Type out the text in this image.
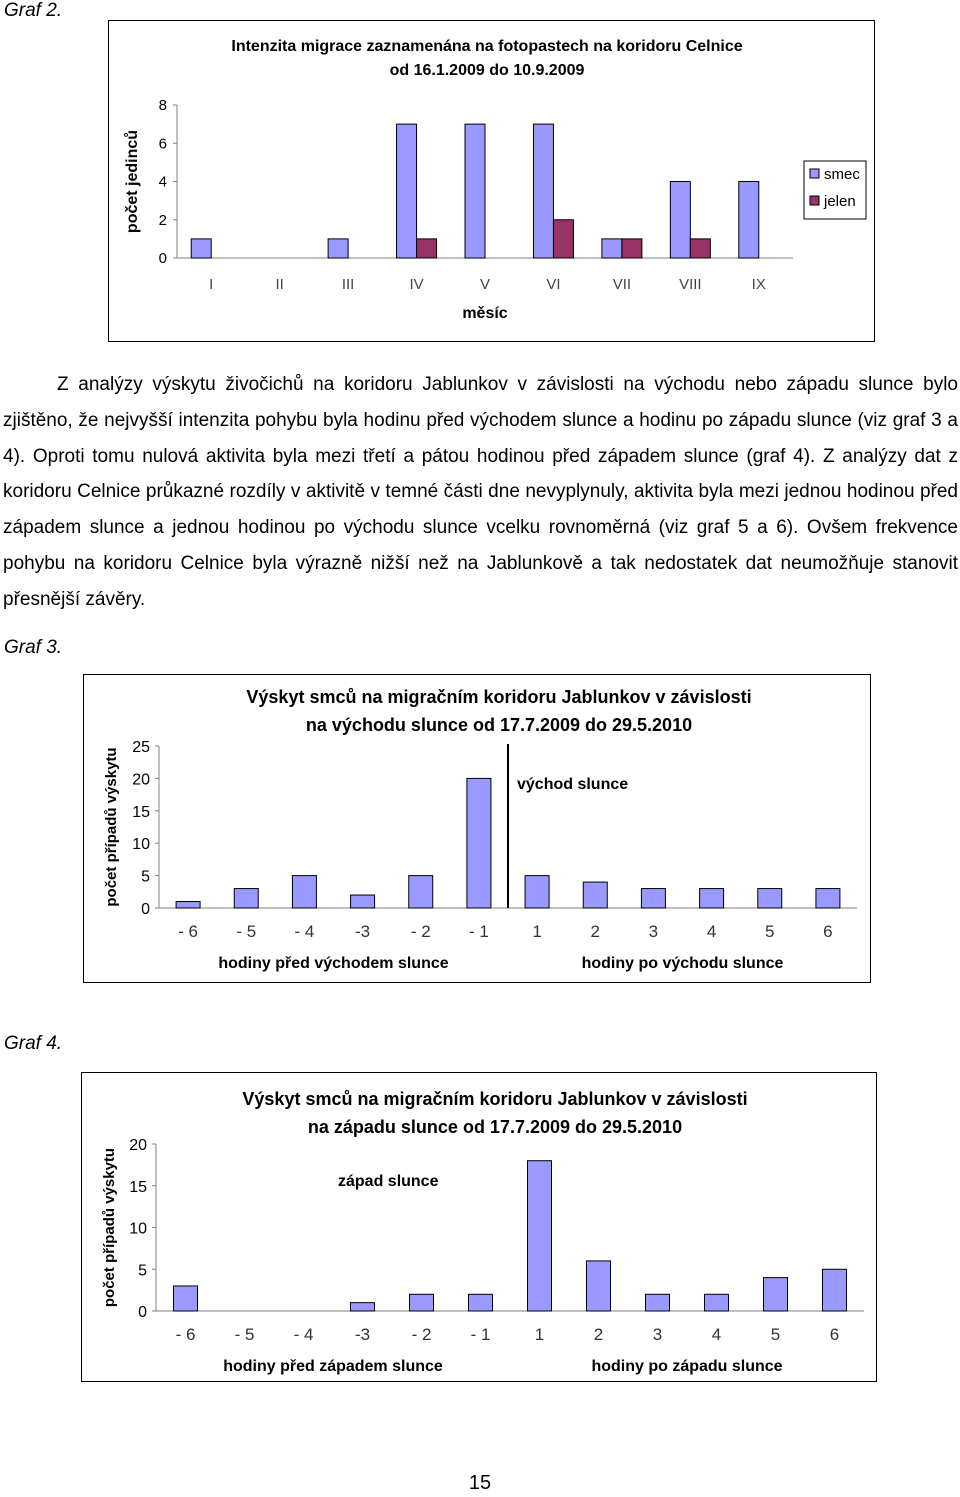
Graf 2.
Intenzita migrace zaznamenána na fotopastech na koridoru Celnice
od 16.1.2009 do 10.9.2009
0
2
4
6
8
počet jedinců
I	II	III	IV	V	VI	VII	VIII	IX
měsíc
smec
jelen
Z analýzy výskytu živočichů na koridoru Jablunkov v závislosti na východu nebo západu slunce bylo zjištěno, že nejvyšší intenzita pohybu byla hodinu před východem slunce a hodinu po západu slunce (viz graf 3 a 4). Oproti tomu nulová aktivita byla mezi třetí a pátou hodinou před západem slunce (graf 4). Z analýzy dat z koridoru Celnice průkazné rozdíly v aktivitě v temné části dne nevyplynuly, aktivita byla mezi jednou hodinou před západem slunce a jednou hodinou po východu slunce vcelku rovnoměrná (viz graf 5 a 6). Ovšem frekvence pohybu na koridoru Celnice byla výrazně nižší než na Jablunkově a tak nedostatek dat neumožňuje stanovit přesnější závěry.
Graf 3.
Výskyt smců na migračním koridoru Jablunkov v závislosti
na východu slunce od 17.7.2009 do 29.5.2010
0
5
10
15
20
25
počet případů výskytu
- 6 - 5 - 4 -3 - 2 - 1	1	2	3	4	5	6
východ slunce
hodiny před východem slunce	hodiny po východu slunce
Graf 4.
Výskyt smců na migračním koridoru Jablunkov v závislosti
na západu slunce od 17.7.2009 do 29.5.2010
0
5
10
15
20
počet případů výskytu
- 6 - 5 - 4 -3 - 2 - 1	1	2	3	4	5	6
západ slunce
hodiny před západem slunce	hodiny po západu slunce
15
